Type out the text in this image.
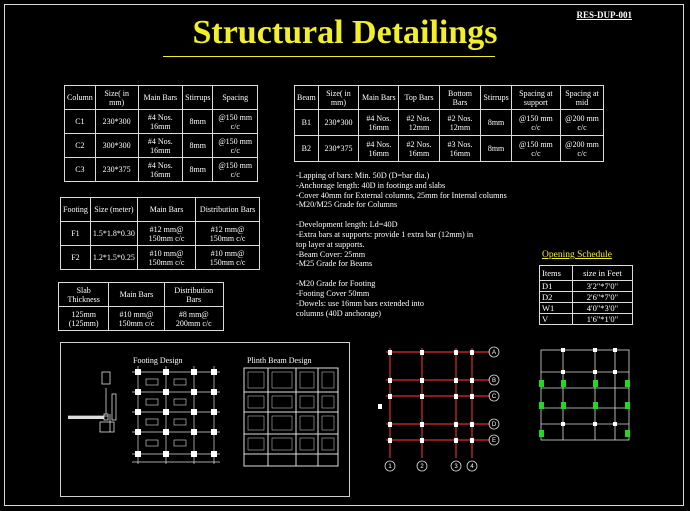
RES-DUP-001
Structural Detailings
Column	Size( in mm)	Main Bars	Stirrups	Spacing
C1	230*300	#4 Nos. 16mm	8mm	@150 mm c/c
C2	300*300	#4 Nos. 16mm	8mm	@150 mm c/c
C3	230*375	#4 Nos. 16mm	8mm	@150 mm c/c
Beam	Size( in mm)	Main Bars	Top Bars	Bottom Bars	Stirrups	Spacing at support	Spacing at mid
B1	230*300	#4 Nos. 16mm	#2 Nos. 12mm	#2 Nos. 12mm	8mm	@150 mm c/c	@200 mm c/c
B2	230*375	#4 Nos. 16mm	#2 Nos. 16mm	#3 Nos. 16mm	8mm	@150 mm c/c	@200 mm c/c
Footing	Size (meter)	Main Bars	Distribution Bars
F1	1.5*1.8*0.30	#12 mm@ 150mm c/c	#12 mm@ 150mm c/c
F2	1.2*1.5*0.25	#10 mm@ 150mm c/c	#10 mm@ 150mm c/c
Slab Thickness	Main Bars	Distribution Bars
125mm (125mm)	#10 mm@ 150mm c/c	#8 mm@ 200mm c/c
-Lapping of bars: Min. 50D (D=bar dia.)
-Anchorage length: 40D in footings and slabs
-Cover 40mm for External columns, 25mm for Internal columns
-M20/M25 Grade for Columns
-Development length: Ld=40D
-Extra bars at supports: provide 1 extra bar (12mm) in
top layer at supports.
-Beam Cover: 25mm
-M25 Grade for Beams
-M20 Grade for Footing
-Footing Cover 50mm
-Dowels: use 16mm bars extended into
columns (40D anchorage)
Opening Schedule
Items	size in Feet
D1	3'2"*7'0"
D2	2'6"*7'0"
W1	4'0"*3'0"
V	1'6"*1'0"
Footing Design	Plinth Beam Design
A
B
C
D
E
1	2	3 4
